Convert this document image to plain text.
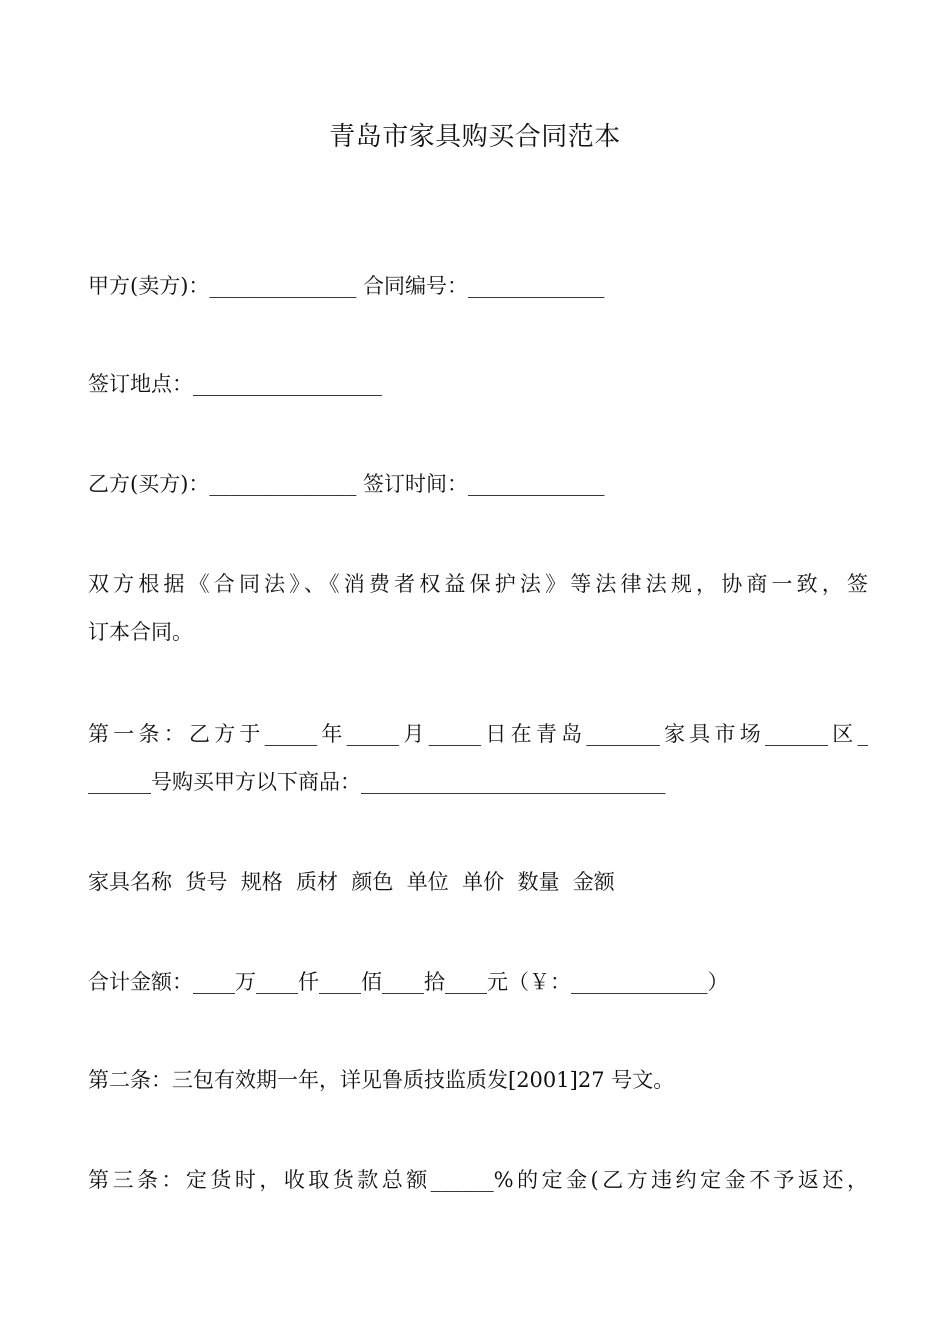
青岛市家具购买合同范本
甲方(卖方)：______________ 合同编号：_____________
签订地点：__________________
乙方(买方)：______________ 签订时间：_____________
双方根据《合同法》、《消费者权益保护法》等法律法规，协商一致，签
订本合同。
第一条：乙方于_____年_____月_____日在青岛_______家具市场______区_
______号购买甲方以下商品：_____________________________
家具名称  货号  规格  质材  颜色  单位  单价  数量  金额
合计金额：____万____仟____佰____拾____元（￥：_____________）
第二条：三包有效期一年，详见鲁质技监质发[2001]27 号文。
第三条：定货时，收取货款总额______%的定金(乙方违约定金不予返还，
